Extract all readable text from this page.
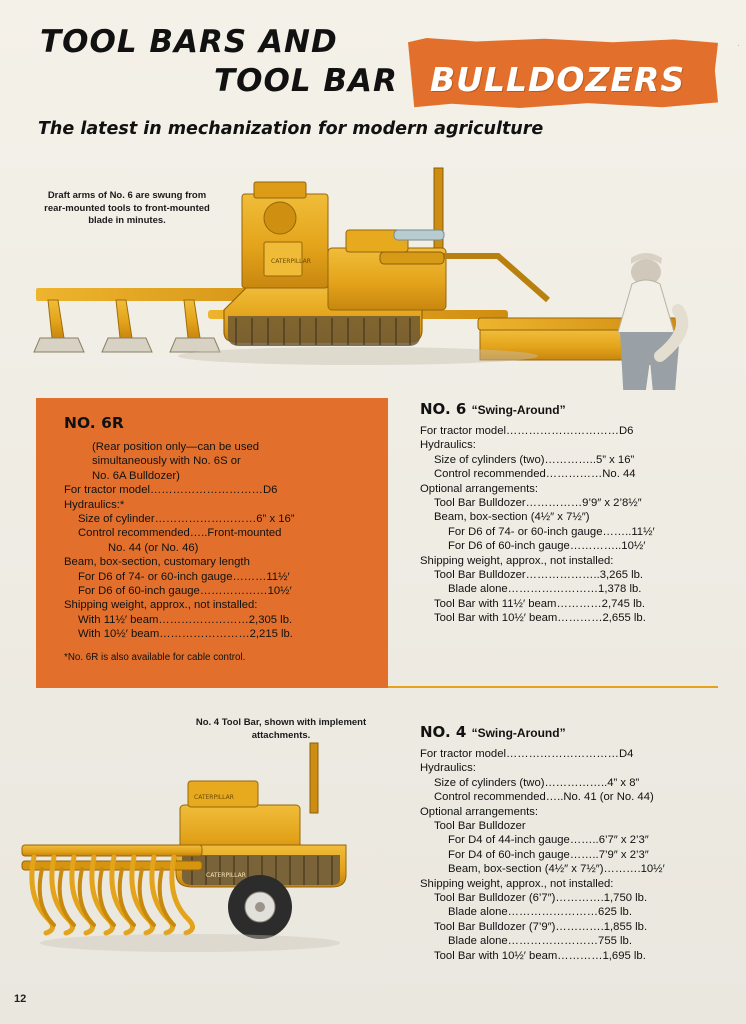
TOOL BARS AND
TOOL BAR BULLDOZERS
The latest in mechanization for modern agriculture
·
CATERPILLAR
Draft arms of No. 6 are swung from rear-mounted tools to front-mounted blade in minutes.
NO. 6R
(Rear position only—can be used
simultaneously with No. 6S or
No. 6A Bulldozer)
For tractor model…………………………D6
Hydraulics:*
Size of cylinder………………………6” x 16”
Control recommended…..Front-mounted
No. 44 (or No. 46)
Beam, box-section, customary length
For D6 of 74- or 60-inch gauge………11½′
For D6 of 60-inch gauge………………10½′
Shipping weight, approx., not installed:
With 11½′ beam……………………2,305 lb.
With 10½′ beam……………………2,215 lb.
*No. 6R is also available for cable control.
NO. 6 “Swing-Around”
For tractor model…………………………D6
Hydraulics:
Size of cylinders (two)…………..5” x 16”
Control recommended……………No. 44
Optional arrangements:
Tool Bar Bulldozer……………9’9″ x 2’8½″
Beam, box-section (4½″ x 7½″)
For D6 of 74- or 60-inch gauge……..11½′
For D6 of 60-inch gauge…………..10½′
Shipping weight, approx., not installed:
Tool Bar Bulldozer………………..3,265 lb.
Blade alone……………………1,378 lb.
Tool Bar with 11½′ beam…………2,745 lb.
Tool Bar with 10½′ beam…………2,655 lb.
No. 4 Tool Bar, shown with implement attachments.
CATERPILLAR
CATERPILLAR
NO. 4 “Swing-Around”
For tractor model…………………………D4
Hydraulics:
Size of cylinders (two)……………..4” x 8”
Control recommended…..No. 41 (or No. 44)
Optional arrangements:
Tool Bar Bulldozer
For D4 of 44-inch gauge……..6’7″ x 2’3″
For D4 of 60-inch gauge……..7’9″ x 2’3″
Beam, box-section (4½″ x 7½″)……….10½′
Shipping weight, approx., not installed:
Tool Bar Bulldozer (6’7″)………….1,750 lb.
Blade alone……………………625 lb.
Tool Bar Bulldozer (7’9″)………….1,855 lb.
Blade alone……………………755 lb.
Tool Bar with 10½′ beam…………1,695 lb.
12
